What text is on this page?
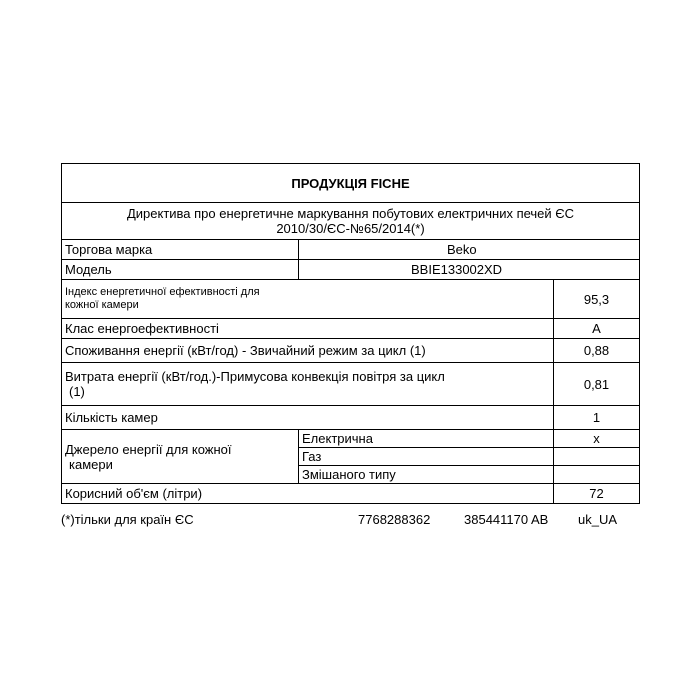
ПРОДУКЦІЯ FICHE		

Директива про енергетичне маркування побутових електричних печей ЄС
2010/30/ЄС-№65/2014(*)		

Торгова марка	Beko	
Модель	BBIE133002XD	

Індекс енергетичної ефективності для
кожної камери		95,3
Клас енергоефективності		A
Споживання енергії (кВт/год) - Звичайний режим за цикл (1)		0,88

Витрата енергії (кВт/год.)-Примусова конвекція повітря за цикл
(1)		0,81
Кількість камер		1

Джерело енергії для кожної
камери	Електрична	x
	Газ	
	Змішаного типу	
Корисний об'єм (літри)		72
(*)тільки для країн ЄС	7768288362	385441170 AB uk_UA
